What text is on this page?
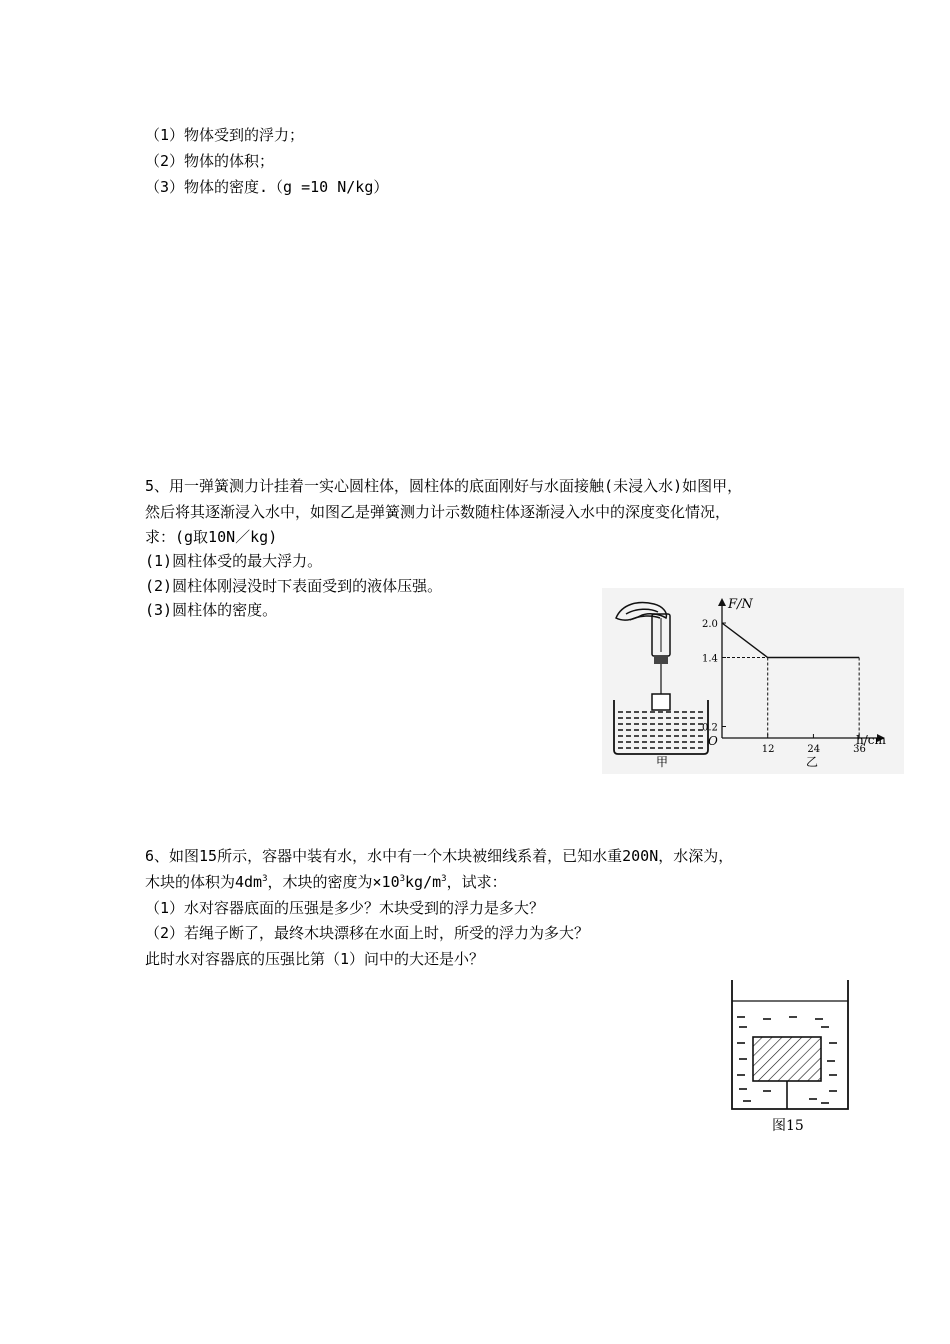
（1）物体受到的浮力；
（2）物体的体积；
（3）物体的密度.（g =10 N/kg）
5、用一弹簧测力计挂着一实心圆柱体，圆柱体的底面刚好与水面接触(未浸入水)如图甲，
然后将其逐渐浸入水中，如图乙是弹簧测力计示数随柱体逐渐浸入水中的深度变化情况，
求：(g取10N／kg)
(1)圆柱体受的最大浮力。
(2)圆柱体刚浸没时下表面受到的液体压强。
(3)圆柱体的密度。
甲
F/N
h/cm
O
12	24	36
2.0
1.4
0.2
乙
6、如图15所示，容器中装有水，水中有一个木块被细线系着，已知水重200N，水深为，
木块的体积为$4dm^3$，木块的密度为$\times 10^3kg/m^3$，试求：
（1）水对容器底面的压强是多少？木块受到的浮力是多大？
（2）若绳子断了，最终木块漂移在水面上时，所受的浮力为多大？
此时水对容器底的压强比第（1）问中的大还是小？
图15
